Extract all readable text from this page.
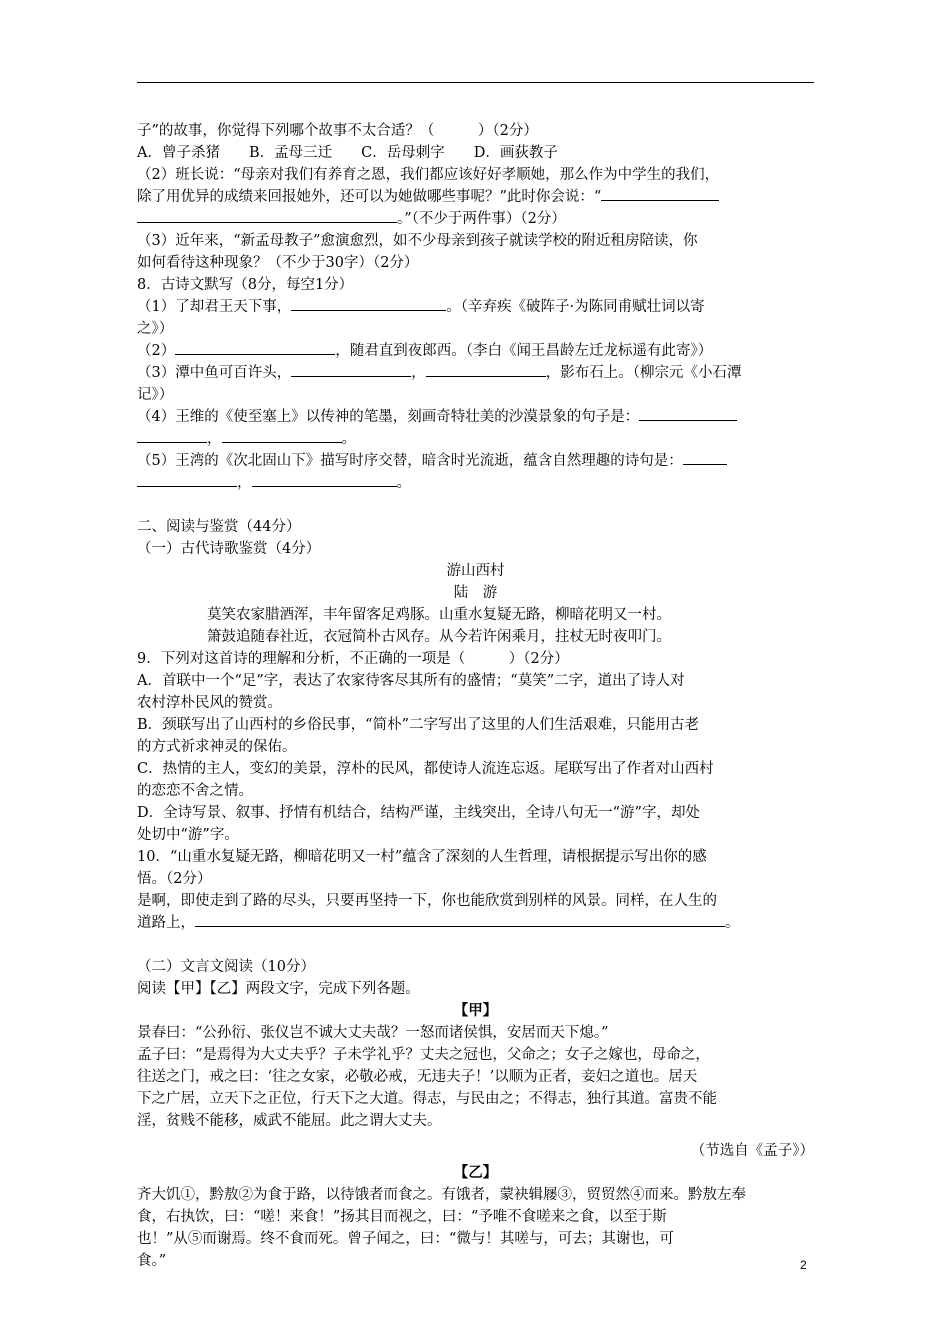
子”的故事，你觉得下列哪个故事不太合适？（　　　）（2分）
A．曾子杀猪　　B．孟母三迁　　C．岳母刺字　　D．画荻教子
（2）班长说：“母亲对我们有养育之恩，我们都应该好好孝顺她，那么作为中学生的我们，
除了用优异的成绩来回报她外，还可以为她做哪些事呢？”此时你会说：“
。”（不少于两件事）（2分）
（3）近年来，“新孟母教子”愈演愈烈，如不少母亲到孩子就读学校的附近租房陪读，你
如何看待这种现象？（不少于30字）（2分）
8．古诗文默写（8分，每空1分）
（1）了却君王天下事，	。（辛弃疾《破阵子·为陈同甫赋壮词以寄
之》）
（2）	，随君直到夜郎西。（李白《闻王昌龄左迁龙标遥有此寄》）
（3）潭中鱼可百许头，	，	，影布石上。（柳宗元《小石潭
记》）
（4）王维的《使至塞上》以传神的笔墨，刻画奇特壮美的沙漠景象的句子是：
，	。
（5）王湾的《次北固山下》描写时序交替，暗含时光流逝，蕴含自然理趣的诗句是：
，	。
二、阅读与鉴赏（44分）
（一）古代诗歌鉴赏（4分）
游山西村
陆　游
莫笑农家腊酒浑，丰年留客足鸡豚。山重水复疑无路，柳暗花明又一村。
箫鼓追随春社近，衣冠简朴古风存。从今若许闲乘月，拄杖无时夜叩门。
9．下列对这首诗的理解和分析，不正确的一项是（　　　）（2分）
A．首联中一个“足”字，表达了农家待客尽其所有的盛情；“莫笑”二字，道出了诗人对
农村淳朴民风的赞赏。
B．颈联写出了山西村的乡俗民事，“简朴”二字写出了这里的人们生活艰难，只能用古老
的方式祈求神灵的保佑。
C．热情的主人，变幻的美景，淳朴的民风，都使诗人流连忘返。尾联写出了作者对山西村
的恋恋不舍之情。
D．全诗写景、叙事、抒情有机结合，结构严谨，主线突出，全诗八句无一“游”字，却处
处切中“游”字。
10．“山重水复疑无路，柳暗花明又一村”蕴含了深刻的人生哲理，请根据提示写出你的感
悟。（2分）
是啊，即使走到了路的尽头，只要再坚持一下，你也能欣赏到别样的风景。同样，在人生的
道路上，	。
（二）文言文阅读（10分）
阅读【甲】【乙】两段文字，完成下列各题。
【甲】
景春曰：“公孙衍、张仪岂不诚大丈夫哉？一怒而诸侯惧，安居而天下熄。”
孟子曰：“是焉得为大丈夫乎？子未学礼乎？丈夫之冠也，父命之；女子之嫁也，母命之，
往送之门，戒之曰：‘往之女家，必敬必戒，无违夫子！’以顺为正者，妾妇之道也。居天
下之广居，立天下之正位，行天下之大道。得志，与民由之；不得志，独行其道。富贵不能
淫，贫贱不能移，威武不能屈。此之谓大丈夫。
（节选自《孟子》）
【乙】
齐大饥①，黔敖②为食于路，以待饿者而食之。有饿者，蒙袂辑屦③，贸贸然④而来。黔敖左奉
食，右执饮，曰：“嗟！来食！”扬其目而视之，曰：“予唯不食嗟来之食，以至于斯
也！”从⑤而谢焉。终不食而死。曾子闻之，曰：“微与！其嗟与，可去；其谢也，可
食。”	2
